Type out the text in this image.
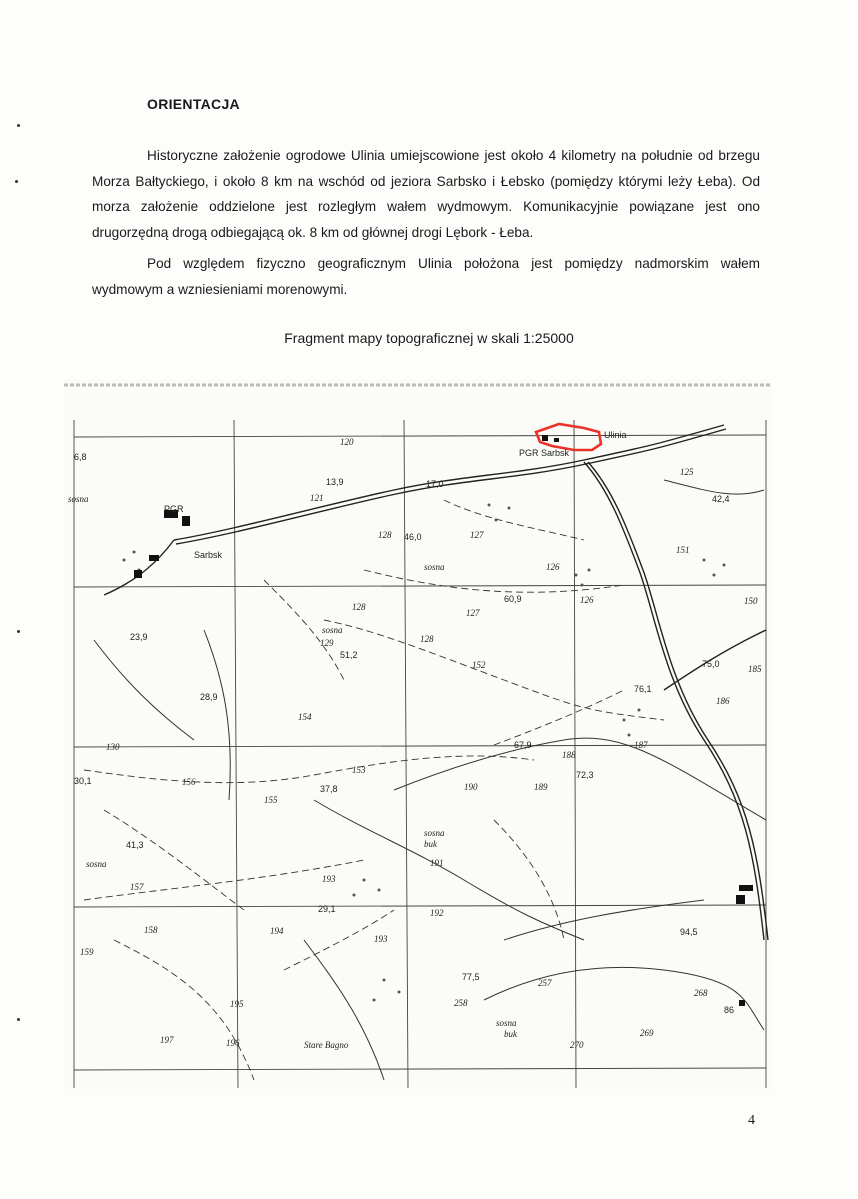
ORIENTACJA

Historyczne założenie ogrodowe Ulinia umiejscowione jest około 4 kilometry na południe od brzegu Morza Bałtyckiego, i około 8 km na wschód od jeziora Sarbsko i Łebsko (pomiędzy którymi leży Łeba). Od morza założenie oddzielone jest rozległym wałem wydmowym. Komunikacyjnie powiązane jest ono drugorzędną drogą odbiegającą ok. 8 km od głównej drogi Lębork - Łeba.

Pod względem fizyczno geograficznym Ulinia położona jest pomiędzy nadmorskim wałem wydmowym a wzniesieniami morenowymi.

Fragment mapy topograficznej w skali 1:25000
Ulinia
PGR Sarbsk
Sarbsk
Stare Bagno
PGR
sosna
sosna
sosna
buk
sosna
buk
sosna
sosna
120
13,9	17,0
121
128 46,0	127
126
125
42,4
151
150
60,9
127
126
128
129
51,2
128
152
23,9
28,9
154
130	67,9
188
187
75,0	185
186
76,1
153
190	189
72,3
30,1	156
37,8
155
41,3
191
157
193
29,1	192
158	194
159
193
77,5
257
258
94,5
268
86
195
197	196	270
269
6,8
4
